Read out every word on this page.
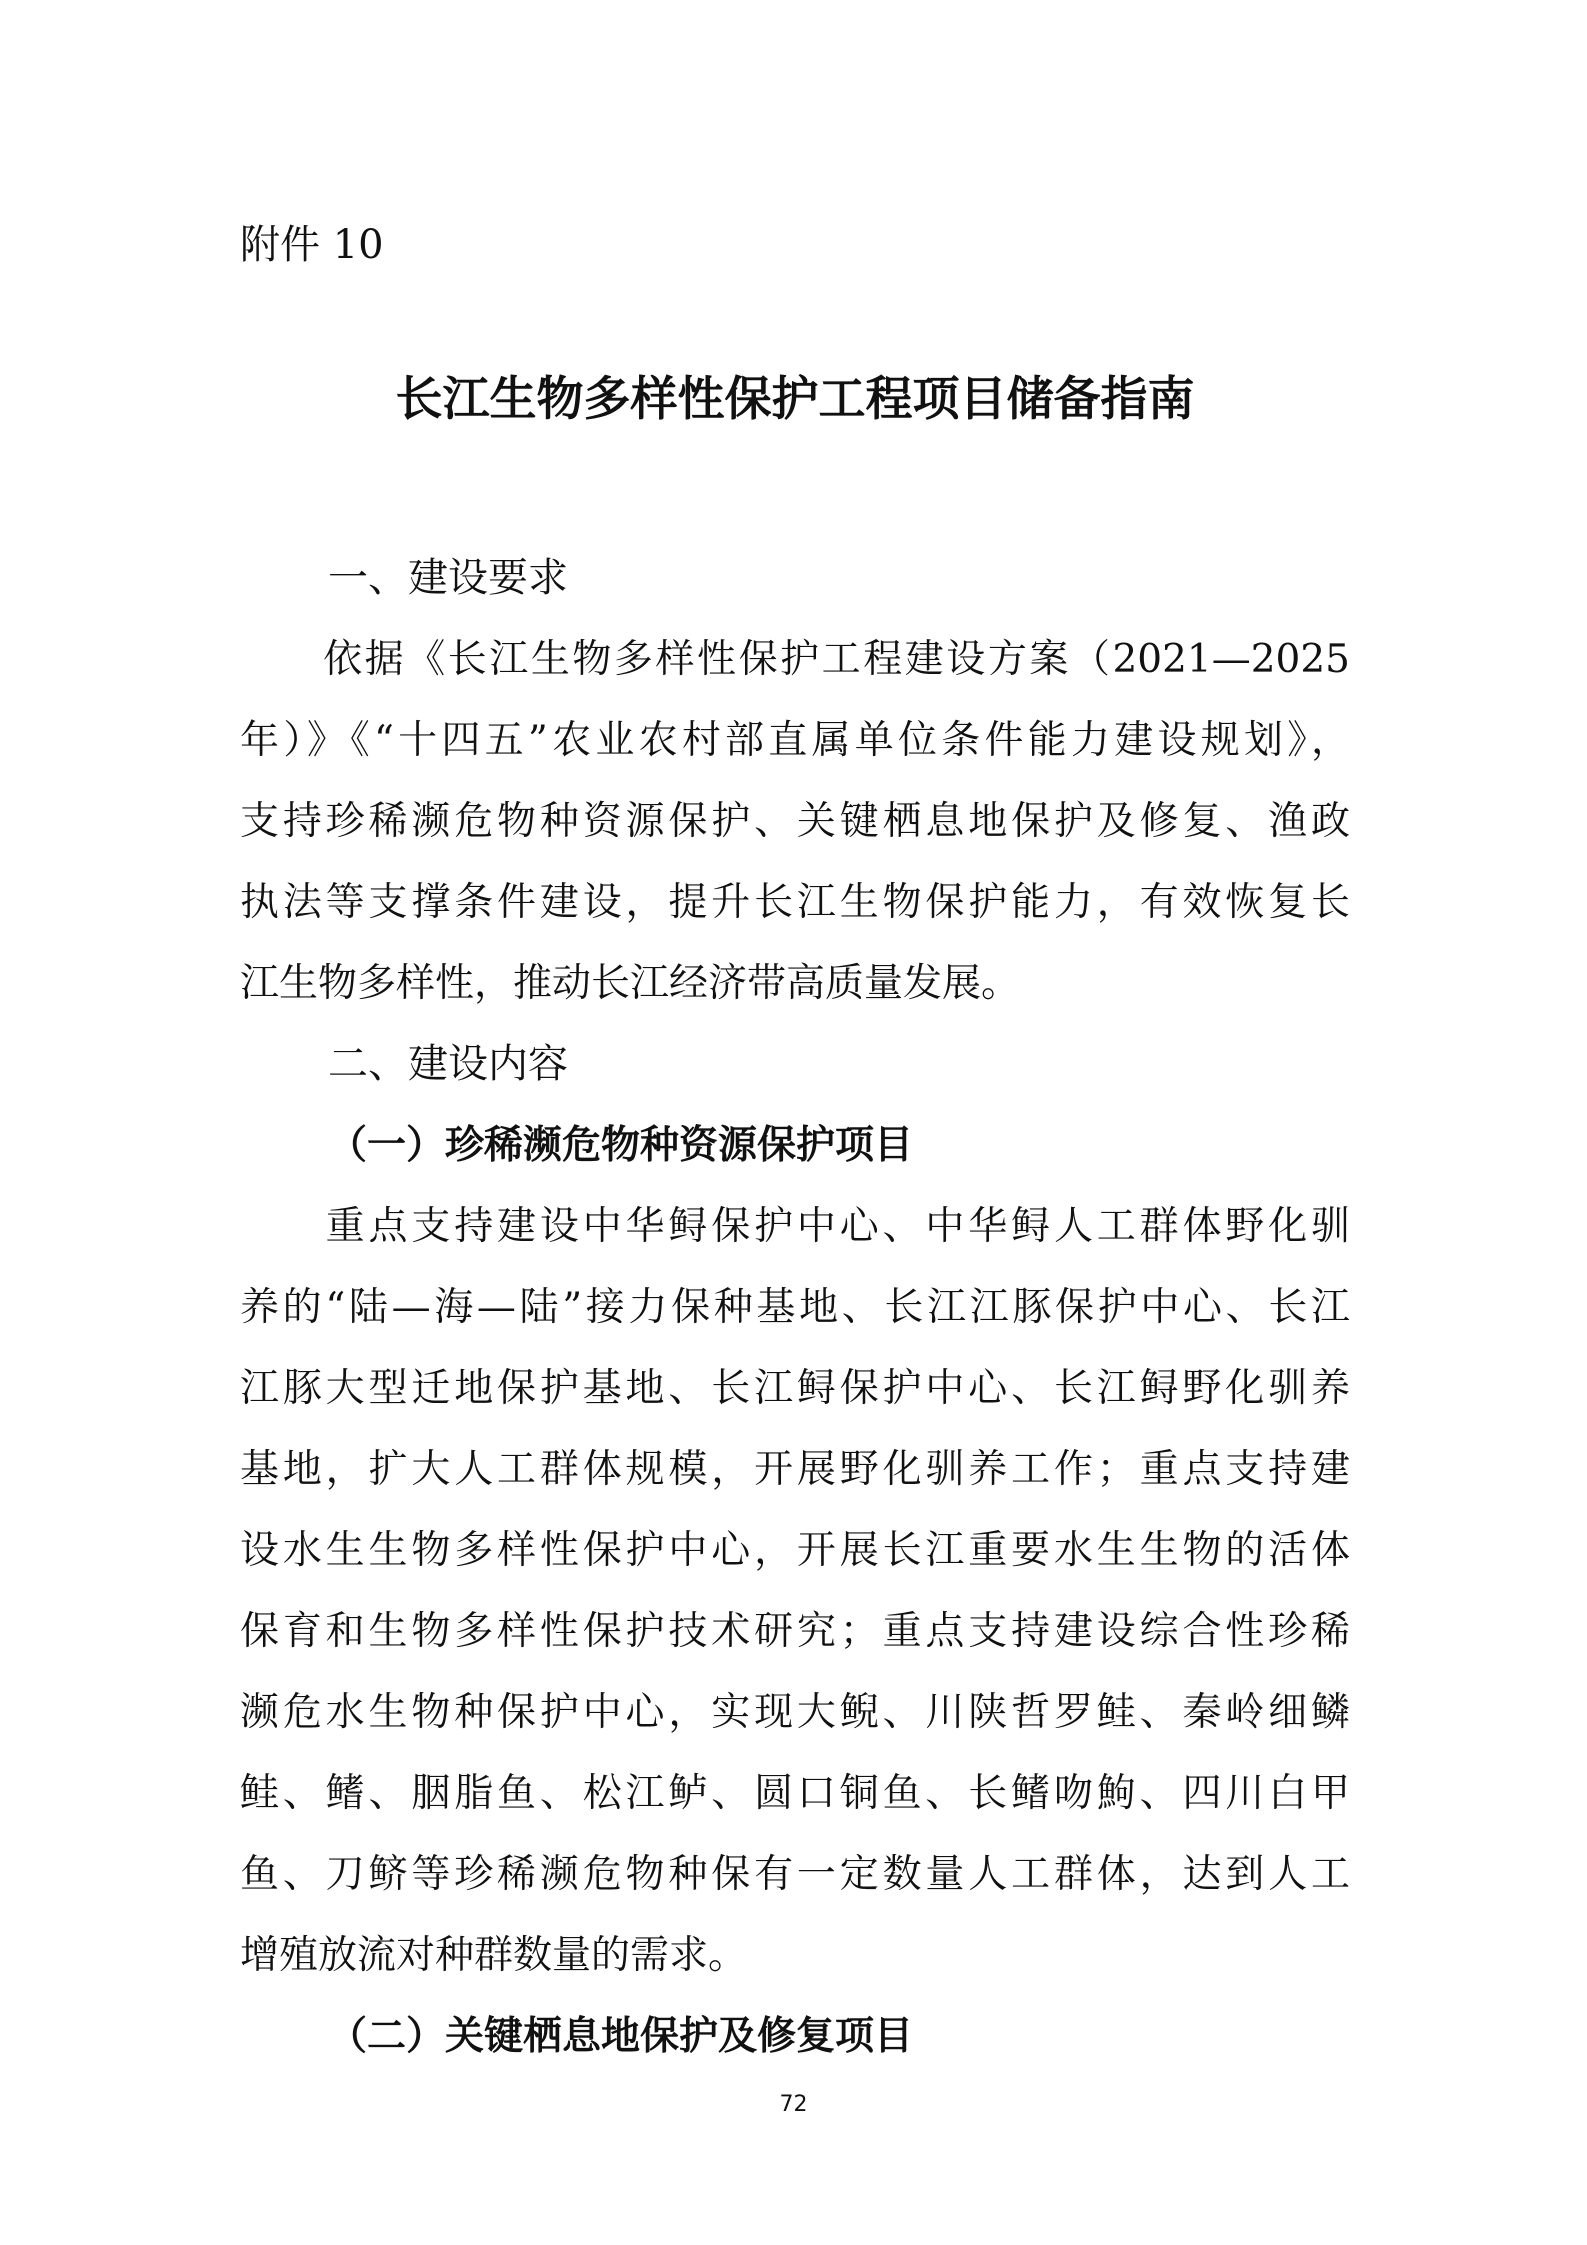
附件 10
长江生物多样性保护工程项目储备指南
一、建设要求
　　依据《长江生物多样性保护工程建设方案（2021—2025
年）》《“十四五”农业农村部直属单位条件能力建设规划》，
支持珍稀濒危物种资源保护、关键栖息地保护及修复、渔政
执法等支撑条件建设，提升长江生物保护能力，有效恢复长
江生物多样性，推动长江经济带高质量发展。
二、建设内容
（一）珍稀濒危物种资源保护项目
　　重点支持建设中华鲟保护中心、中华鲟人工群体野化驯
养的“陆—海—陆”接力保种基地、长江江豚保护中心、长江
江豚大型迁地保护基地、长江鲟保护中心、长江鲟野化驯养
基地，扩大人工群体规模，开展野化驯养工作；重点支持建
设水生生物多样性保护中心，开展长江重要水生生物的活体
保育和生物多样性保护技术研究；重点支持建设综合性珍稀
濒危水生物种保护中心，实现大鲵、川陕哲罗鲑、秦岭细鳞
鲑、鳍、胭脂鱼、松江鲈、圆口铜鱼、长鳍吻鮈、四川白甲
鱼、刀鲚等珍稀濒危物种保有一定数量人工群体，达到人工
增殖放流对种群数量的需求。
（二）关键栖息地保护及修复项目
72
